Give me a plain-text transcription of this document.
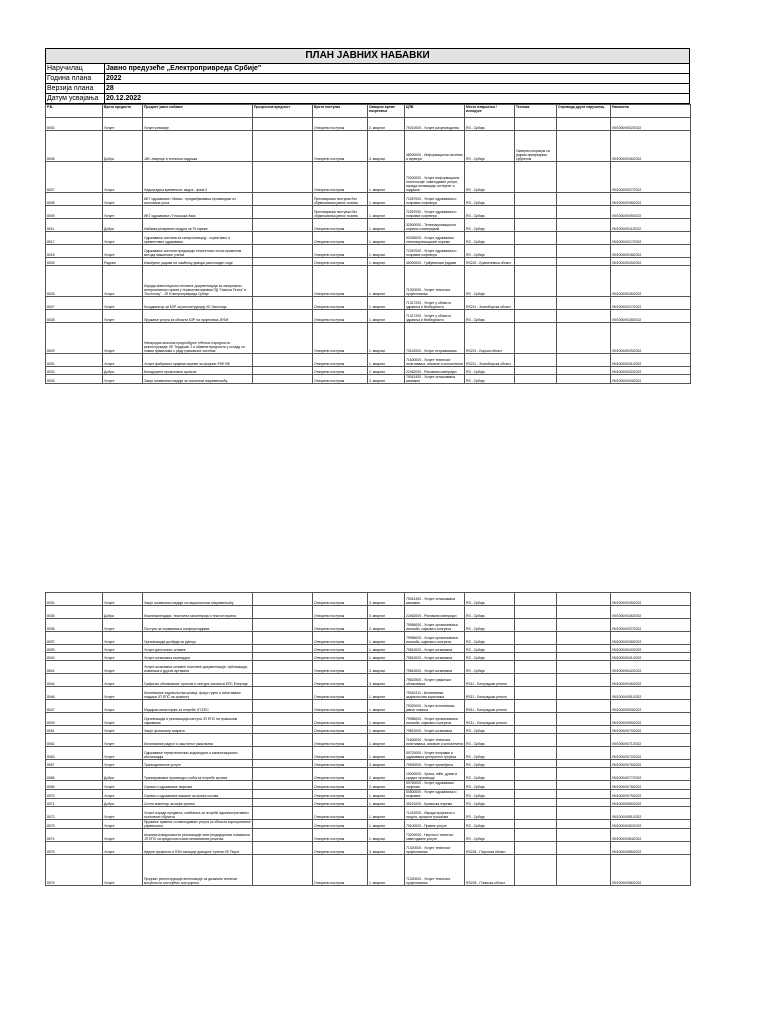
ПЛАН ЈАВНИХ НАБАВКИ
Наручилац	Јавно предузеће „Електропривреда Србије"
Година плана	2022
Верзија плана	28
Датум усвајања	20.12.2022
Р.Б.	Врста предмета	Предмет јавне набавке	Процењена вредност	Врста поступка	Оквирно време покретања	ЦПВ	Место извршења / испоруке	Техника	Спровода други наручилац	Напомена
8002	Услуге	Услуге ревизије		Отворени поступак	2. квартал	79210000 - Услуге рачуноводства	RS - Србија			09/1000/0002/2022
8006	Добра	ЈИС лиценце и техничка подршка		Отворени поступак	4. квартал	48000000 - Информациони системи и сервери	RS - Србија	Оквирни споразум са једним привредним субјектом		09/1000/0006/2022
8007	Услуге	Надоградња временског ажура - фаза 2		Отворени поступак	1. квартал	72000000 - Услуге информационе технологије: саветодавне услуге, израда апликација, интернет и подршка	RS - Србија			09/1000/0007/2022
8008	Услуге	ИКТ одржавање / Микио - предвиђаювања производње из копповина угља		Преговарачки поступак без објављивања јавног позива	1. квартал	72267000 - Услуге одржавања и поправке софтвера	RS - Србија			09/1000/0008/2022
8009	Услуге	ИКТ одржавање / Геозошка база		Преговарачки поступак без објављивања јавног позива	1. квартал	72267000 - Услуге одржавања и поправке софтвера	RS - Србија			09/1000/0009/2022
8011	Добра	Набавка резервних модула за ТК мреже		Отворени поступак	1. квартал	32500000 - Телекомуникациона опрема и материјали	RS - Србија			09/1000/0011/2022
8017	Услуге	Одржавање система за синхронизацију - корективно и превентивно одржавање		Отворени поступак	1. квартал	50330000 - Услуге одржавања телекомуникационе опреме	RS - Србија			09/1000/0017/2022
8018	Услуге	Одржавање система предикције енергетских поља применом метода машинског учења		Отворени поступак	1. квартал	72267000 - Услуге одржавања и поправке софтвера	RS - Србија			09/1000/0018/2022
8025	Радови	Извођење радова на чишћењу доводи располаден ходе		Отворени поступак	1. квартал	45000000 - Грађевински радови	RS222 - Браничевска област			09/1000/0025/2022
8026	Услуге	Израда инвестиционо-техничке документације ка-запорежних алтернативних горива у термоелектранама ПД "Никола Тесла" и "Костолац" - ЈП Електропривреда Србије		Отворени поступак	1. квартал	71320000 - Услуге техничког пројектовања	RS - Србија			09/1000/0026/2022
8027	Услуге	Координатор за БЗР за реконструкцију ХЕ Звоочица		Отворени поступак	1. квартал	71317200 - Услуге у области здравља и безбедности	RS211 - Златиборска област			09/1000/0027/2022
8028	Услуге	Пружање услуга из области БЗР на пројектима ЈЕФИ		Отворени поступак	1. квартал	71317200 - Услуге у области здравља и безбедности	RS - Србија			09/1000/0028/2022
8029	Услуге	Ненародна анализа предпобујног тећења и вредности реконструкције ХЕ Тердерап 2 и обавезе вредности у складу са новим правилима о раду грамовског система		Отворени поступак	1. квартал	73110000 - Услуге истраживања	RS221 - Борска област			09/1000/0029/2022
8031	Услуге	Услуге фабричког пријема опреме за пројекат РНЕ ВЕ		Отворени поступак	1. квартал	71600000 - Услуге техничког испитивања, анализе и консалтинга	RS211 - Златиборска област			09/1000/0031/2022
8032	Добра	Бенадорене промотивна артикли		Отворени поступак	2. квартал	22462000 - Рекламни материјал	RS - Србија			09/1000/0032/2022
8033	Услуге	Закуп штампаних медија за локалном покривеношћу		Отворени поступак	3. квартал	79341400 - Услуге оглашавања кампање	RS - Србија			09/1000/0034/2022
8034	Услуге	Закуп штампаних медија са националном покривеношћу		Отворени поступак	3. квартал	79341400 - Услуге оглашавања кампање	RS - Србија			09/1000/0035/2022
8035	Добра	Књиге/календари, текстилна галантерија и текстил пратио		Отворени поступак	3. квартал	22462000 - Рекламни материјал	RS - Србија			09/1000/0036/2022
8036	Услуге	Поступи за сервисима и конференцијама		Отворени поступак	2. квартал	79956000 - Услуге организовања изложби, сајмова и конгреса	RS - Србија			09/1000/0037/2022
8037	Услуге	Организација догађаја за рунецо		Отворени поступак	1. квартал	79956000 - Услуге организовања изложби, сајмова и конгреса	RS - Србија			09/1000/0038/2022
8039	Услуге	Услуге дигиталног штампе		Отворени поступак	1. квартал	79810000 - Услуге штампања	RS - Србија			09/1000/0040/2022
8040	Услуге	Услуге штампања календара		Отворени поступак	1. квартал	79810000 - Услуге штампања	RS - Србија			09/1000/0041/2022
8041	Услуге	Услуге штампања основне пословне документације, публикација, алманаха и других артикала		Отворени поступак	3. квартал	79810000 - Услуге штампања	RS - Србија			09/1000/0042/2022
8044	Услуге	Графичко обликовање, прелом и лектура часописа ЕПС Енергија		Отворени поступак	3. квартал	79822500 - Услуге графичког обликовања	RS11 - Београдски регион			09/1000/0046/2022
8046	Услуге	Испитивање задовољства купаца, фокус групе и испитивање поздира ЈП ЕПС на тржишту		Отворени поступак	1. квартал	79342311 - Испитивање задовољства корисника	RS11 - Београдски регион			09/1000/0051/2022
8047	Услуге	Медијски мониторинг за потребе ЈП ЕПС		Отворени поступак	1. квартал	79320000 - Услуге испитивања јавног мњења	RS11 - Београдски регион			09/1000/0053/2022
8049	Услуге	Организација и реализација наступа ЈП ЕПС на тржишним сајмовима		Отворени поступак	1. квартал	79956000 - Услуге организовања изложби, сајмова и конгреса	RS11 - Београдски регион			09/1000/0055/2022
8061	Услуге	Закуп фотокопир апарата		Отворени поступак	1. квартал	79810000 - Услуге штампања	RS - Србија			09/1000/0070/2022
8062	Услуге	Испитивање радног и заштитног ужикльева		Отворени поступак	1. квартал	71600000 - Услуге техничког испитивања, анализе и консалтинга	RS - Србија			09/1000/0071/2022
8063	Услуге	Одржавање термотехничких,водоводних и канализационих инсталација		Отворени поступак	1. квартал	50720000 - Услуге поправке и одржавања централног грејања	RS - Србија			09/1000/0072/2022
8067	Услуге	Трансадетвенне услуге		Отворени поступак	3. квартал	79530000 - Услуге превођења	RS - Србија			09/1000/0076/2022
8068	Добра	Трансвравнани производи и пића за потребе кухиња		Отворени поступак	2. квартал	15000000 - Храна, пиће, дуван и сродни производи	RS - Србија			09/1000/0077/2022
8069	Услуге	Сервис и одржавање лифтова		Отворени поступак	2. квартал	50750000 - Услуге одржавања лифтова	RS - Србија			09/1000/0078/2022
8070	Услуге	Сервис и одржавање машине за прање косова		Отворени поступак	1. квартал	50800000 - Услуге одржавања и поправке	RS - Србија			09/1000/0079/2022
8071	Добра	Ситни инвентар за кафе кухиње		Отворени поступак	1. квартал	39221000 - Кухињска опрема	RS - Србија			09/1000/0080/2022
8072	Услуге	Услуге израде предмета, клабовата за потребе административних пословних објеката		Отворени поступак	1. квартал	71242000 - Израда пројеката и нацрта, процена трошкова	RS - Србија			09/1000/0081/2022
8073	Услуге	Пружање правних и саветодавних услуга из области корпоративног управљања		Отворени поступак	1. квартал	79100000 - Правне услуге	RS - Србија			09/1000/0082/2022
8074	Услуге	Анализа изводљивости реализације свих регдидираних повишења ЈП ЕПС са предлогом нових иновативних решења		Отворени поступак	1. квартал	73200000 - Научно и техничко саветодавне услуге	RS - Србија			09/1000/0084/2022
8075	Услуге	Идејни профекти и ПЗИ санације доводног тунела ХЕ Пирот		Отворени поступак	3. квартал	71320000 - Услуге техничког пројектовања	RS226 - Пиротска област			09/1000/0085/2022
8076	Услуге	Пројекат реконструкције вентилације са дизањем техничке могућности постојећих постројења		Отворени поступак	1. квартал	71320000 - Услуге техничког пројектовања	RS228 - Пчињска област			09/1000/0086/2022
